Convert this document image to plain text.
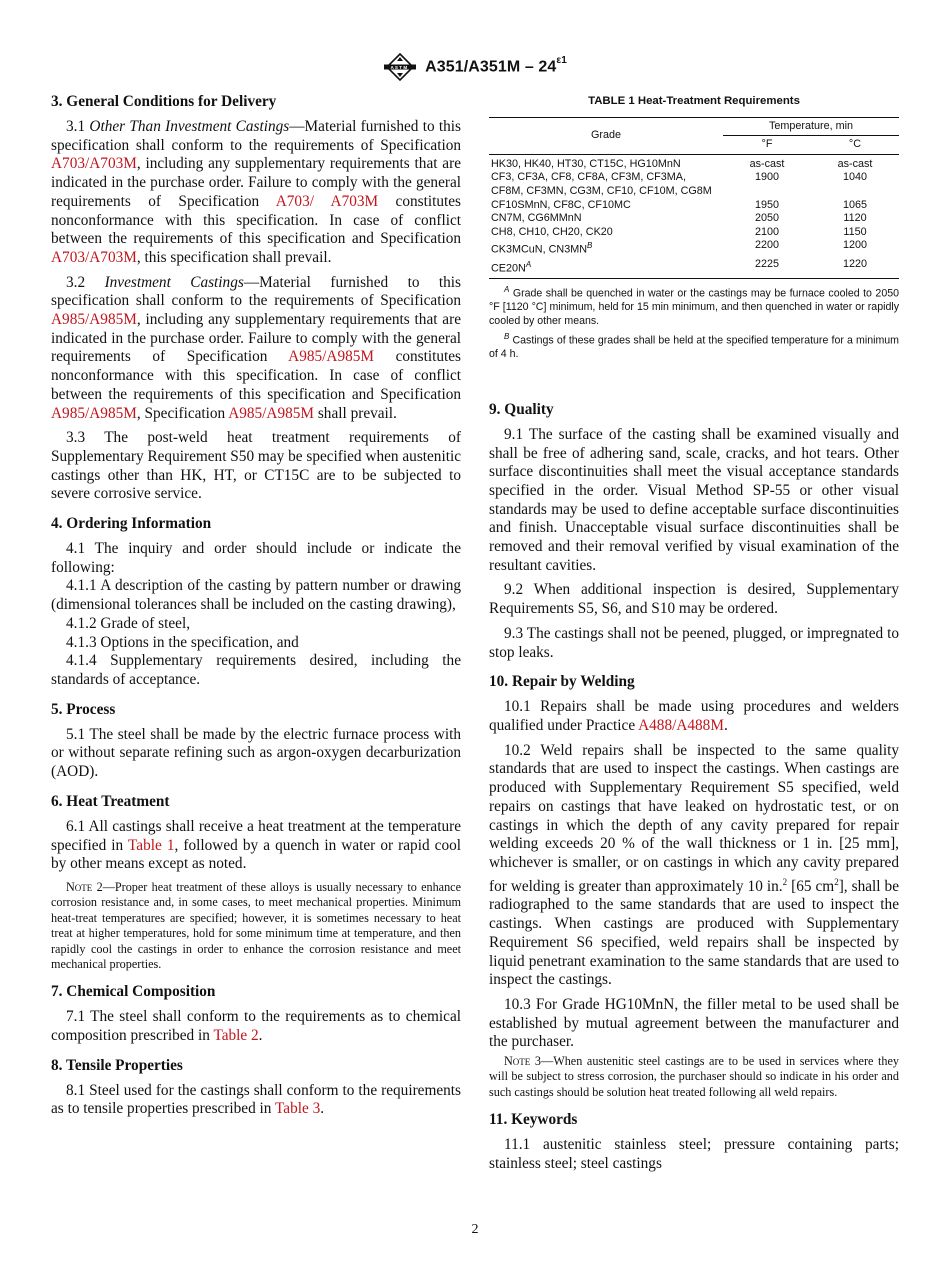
A S T M $A351/A351M - 24^{\varepsilon 1}$
3. General Conditions for Delivery

3.1 Other Than Investment Castings—Material furnished to this specification shall conform to the requirements of Specification A703/A703M, including any supplementary requirements that are indicated in the purchase order. Failure to comply with the general requirements of Specification A703/ A703M constitutes nonconformance with this specification. In case of conflict between the requirements of this specification and Specification A703/A703M, this specification shall prevail.

3.2 Investment Castings—Material furnished to this specification shall conform to the requirements of Specification A985/A985M, including any supplementary requirements that are indicated in the purchase order. Failure to comply with the general requirements of Specification A985/A985M constitutes nonconformance with this specification. In case of conflict between the requirements of this specification and Specification A985/A985M, Specification A985/A985M shall prevail.

3.3 The post-weld heat treatment requirements of Supplementary Requirement S50 may be specified when austenitic castings other than HK, HT, or CT15C are to be subjected to severe corrosive service.

4. Ordering Information

4.1 The inquiry and order should include or indicate the following:

4.1.1 A description of the casting by pattern number or drawing (dimensional tolerances shall be included on the casting drawing),

4.1.2 Grade of steel,

4.1.3 Options in the specification, and

4.1.4 Supplementary requirements desired, including the standards of acceptance.

5. Process

5.1 The steel shall be made by the electric furnace process with or without separate refining such as argon-oxygen decarburization (AOD).

6. Heat Treatment

6.1 All castings shall receive a heat treatment at the temperature specified in Table 1, followed by a quench in water or rapid cool by other means except as noted.

Note 2—Proper heat treatment of these alloys is usually necessary to enhance corrosion resistance and, in some cases, to meet mechanical properties. Minimum heat-treat temperatures are specified; however, it is sometimes necessary to heat treat at higher temperatures, hold for some minimum time at temperature, and then rapidly cool the castings in order to enhance the corrosion resistance and meet mechanical properties.

7. Chemical Composition

7.1 The steel shall conform to the requirements as to chemical composition prescribed in Table 2.

8. Tensile Properties

8.1 Steel used for the castings shall conform to the requirements as to tensile properties prescribed in Table 3.

TABLE 1 Heat-Treatment Requirements
Grade	Temperature, min	
	°F	°C
HK30, HK40, HT30, CT15C, HG10MnN	as-cast	as-cast
CF3, CF3A, CF8, CF8A, CF3M, CF3MA, CF8M, CF3MN, CG3M, CF10, CF10M, CG8M	1900	1040
CF10SMnN, CF8C, CF10MC	1950	1065
CN7M, CG6MMnN	2050	1120
CH8, CH10, CH20, CK20	2100	1150
CK3MCuN, $CN3MN^B$	2200	1200
$CE20N^A$	2225	1220

$^A$ Grade shall be quenched in water or the castings may be furnace cooled to 2050 °F [1120 °C] minimum, held for 15 min minimum, and then quenched in water or rapidly cooled by other means.

$^B$ Castings of these grades shall be held at the specified temperature for a minimum of 4 h.

9. Quality

9.1 The surface of the casting shall be examined visually and shall be free of adhering sand, scale, cracks, and hot tears. Other surface discontinuities shall meet the visual acceptance standards specified in the order. Visual Method SP-55 or other visual standards may be used to define acceptable surface discontinuities and finish. Unacceptable visual surface discontinuities shall be removed and their removal verified by visual examination of the resultant cavities.

9.2 When additional inspection is desired, Supplementary Requirements S5, S6, and S10 may be ordered.

9.3 The castings shall not be peened, plugged, or impregnated to stop leaks.

10. Repair by Welding

10.1 Repairs shall be made using procedures and welders qualified under Practice A488/A488M.

10.2 Weld repairs shall be inspected to the same quality standards that are used to inspect the castings. When castings are produced with Supplementary Requirement S5 specified, weld repairs on castings that have leaked on hydrostatic test, or on castings in which the depth of any cavity prepared for repair welding exceeds 20 % of the wall thickness or 1 in. [25 mm], whichever is smaller, or on castings in which any cavity prepared for welding is greater than approximately 10 in.$^2$ [65 $cm^2$], shall be radiographed to the same standards that are used to inspect the castings. When castings are produced with Supplementary Requirement S6 specified, weld repairs shall be inspected by liquid penetrant examination to the same standards that are used to inspect the castings.

10.3 For Grade HG10MnN, the filler metal to be used shall be established by mutual agreement between the manufacturer and the purchaser.

Note 3—When austenitic steel castings are to be used in services where they will be subject to stress corrosion, the purchaser should so indicate in his order and such castings should be solution heat treated following all weld repairs.

11. Keywords

11.1 austenitic stainless steel; pressure containing parts; stainless steel; steel castings

2
